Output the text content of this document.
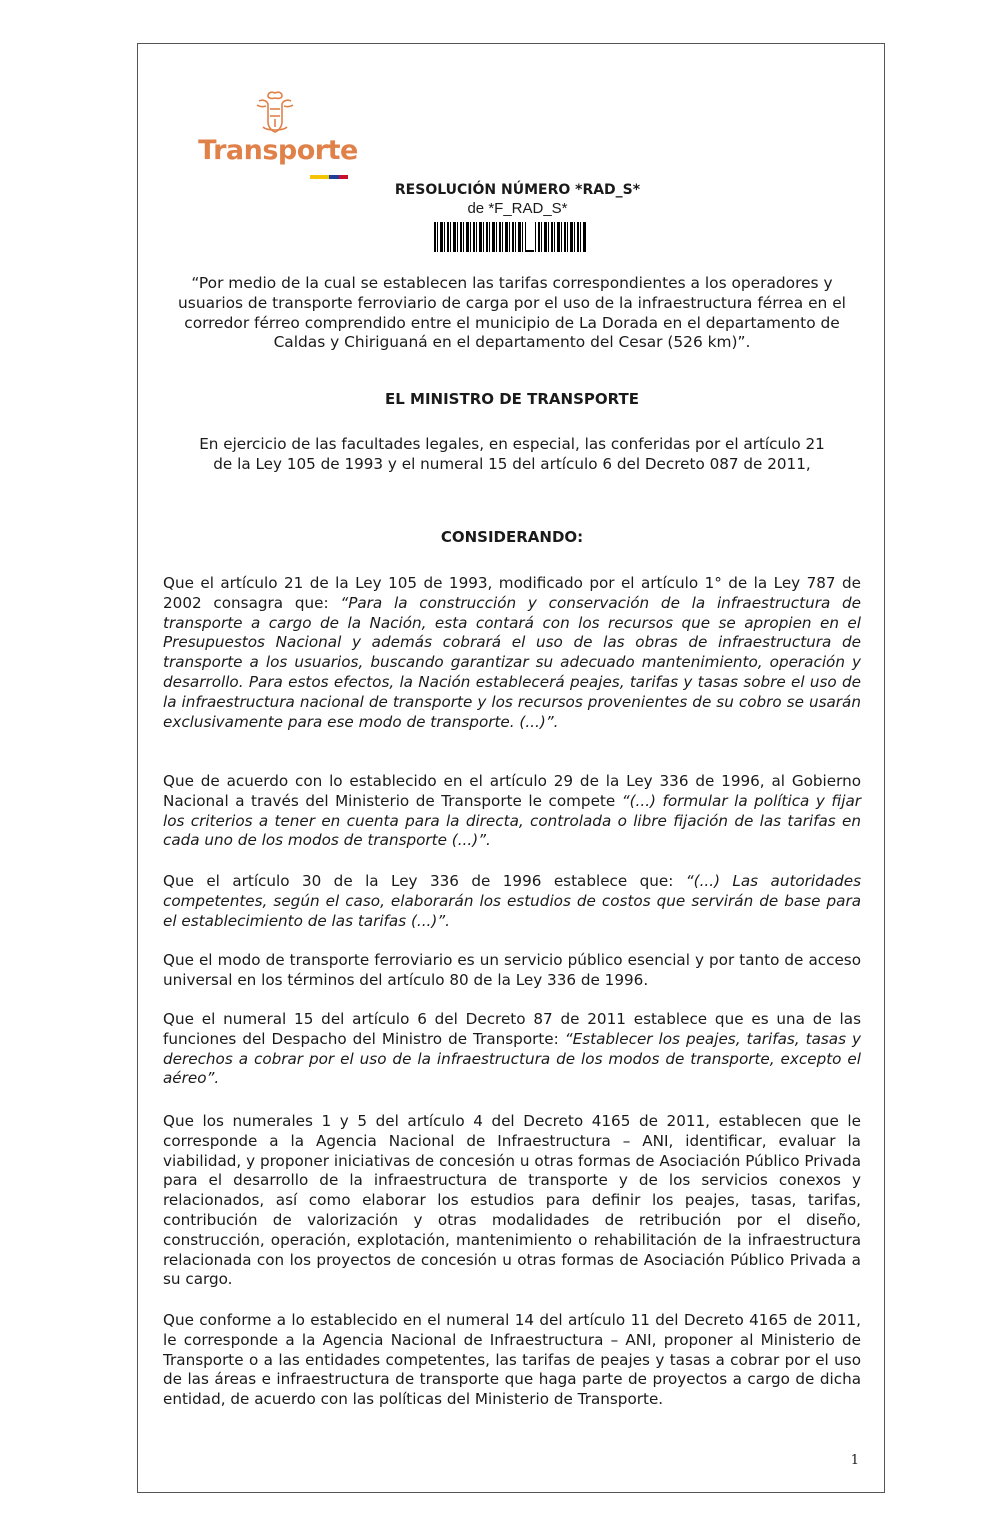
Transporte
RESOLUCIÓN NÚMERO *RAD_S*
de *F_RAD_S*
“Por medio de la cual se establecen las tarifas correspondientes a los operadores y usuarios de transporte ferroviario de carga por el uso de la infraestructura férrea en el corredor férreo comprendido entre el municipio de La Dorada en el departamento de Caldas y Chiriguaná en el departamento del Cesar (526 km)”.
EL MINISTRO DE TRANSPORTE
En ejercicio de las facultades legales, en especial, las conferidas por el artículo 21 de la Ley 105 de 1993 y el numeral 15 del artículo 6 del Decreto 087 de 2011,
CONSIDERANDO:

Que el artículo 21 de la Ley 105 de 1993, modificado por el artículo 1° de la Ley 787 de 2002 consagra que: “Para la construcción y conservación de la infraestructura de transporte a cargo de la Nación, esta contará con los recursos que se apropien en el Presupuestos Nacional y además cobrará el uso de las obras de infraestructura de transporte a los usuarios, buscando garantizar su adecuado mantenimiento, operación y desarrollo. Para estos efectos, la Nación establecerá peajes, tarifas y tasas sobre el uso de la infraestructura nacional de transporte y los recursos provenientes de su cobro se usarán exclusivamente para ese modo de transporte. (...)”.

Que de acuerdo con lo establecido en el artículo 29 de la Ley 336 de 1996, al Gobierno Nacional a través del Ministerio de Transporte le compete “(...) formular la política y fijar los criterios a tener en cuenta para la directa, controlada o libre fijación de las tarifas en cada uno de los modos de transporte (...)”.

Que el artículo 30 de la Ley 336 de 1996 establece que: “(...) Las autoridades competentes, según el caso, elaborarán los estudios de costos que servirán de base para el establecimiento de las tarifas (...)”.

Que el modo de transporte ferroviario es un servicio público esencial y por tanto de acceso universal en los términos del artículo 80 de la Ley 336 de 1996.

Que el numeral 15 del artículo 6 del Decreto 87 de 2011 establece que es una de las funciones del Despacho del Ministro de Transporte: “Establecer los peajes, tarifas, tasas y derechos a cobrar por el uso de la infraestructura de los modos de transporte, excepto el aéreo”.

Que los numerales 1 y 5 del artículo 4 del Decreto 4165 de 2011, establecen que le corresponde a la Agencia Nacional de Infraestructura – ANI, identificar, evaluar la viabilidad, y proponer iniciativas de concesión u otras formas de Asociación Público Privada para el desarrollo de la infraestructura de transporte y de los servicios conexos y relacionados, así como elaborar los estudios para definir los peajes, tasas, tarifas, contribución de valorización y otras modalidades de retribución por el diseño, construcción, operación, explotación, mantenimiento o rehabilitación de la infraestructura relacionada con los proyectos de concesión u otras formas de Asociación Público Privada a su cargo.

Que conforme a lo establecido en el numeral 14 del artículo 11 del Decreto 4165 de 2011, le corresponde a la Agencia Nacional de Infraestructura – ANI, proponer al Ministerio de Transporte o a las entidades competentes, las tarifas de peajes y tasas a cobrar por el uso de las áreas e infraestructura de transporte que haga parte de proyectos a cargo de dicha entidad, de acuerdo con las políticas del Ministerio de Transporte.

1
